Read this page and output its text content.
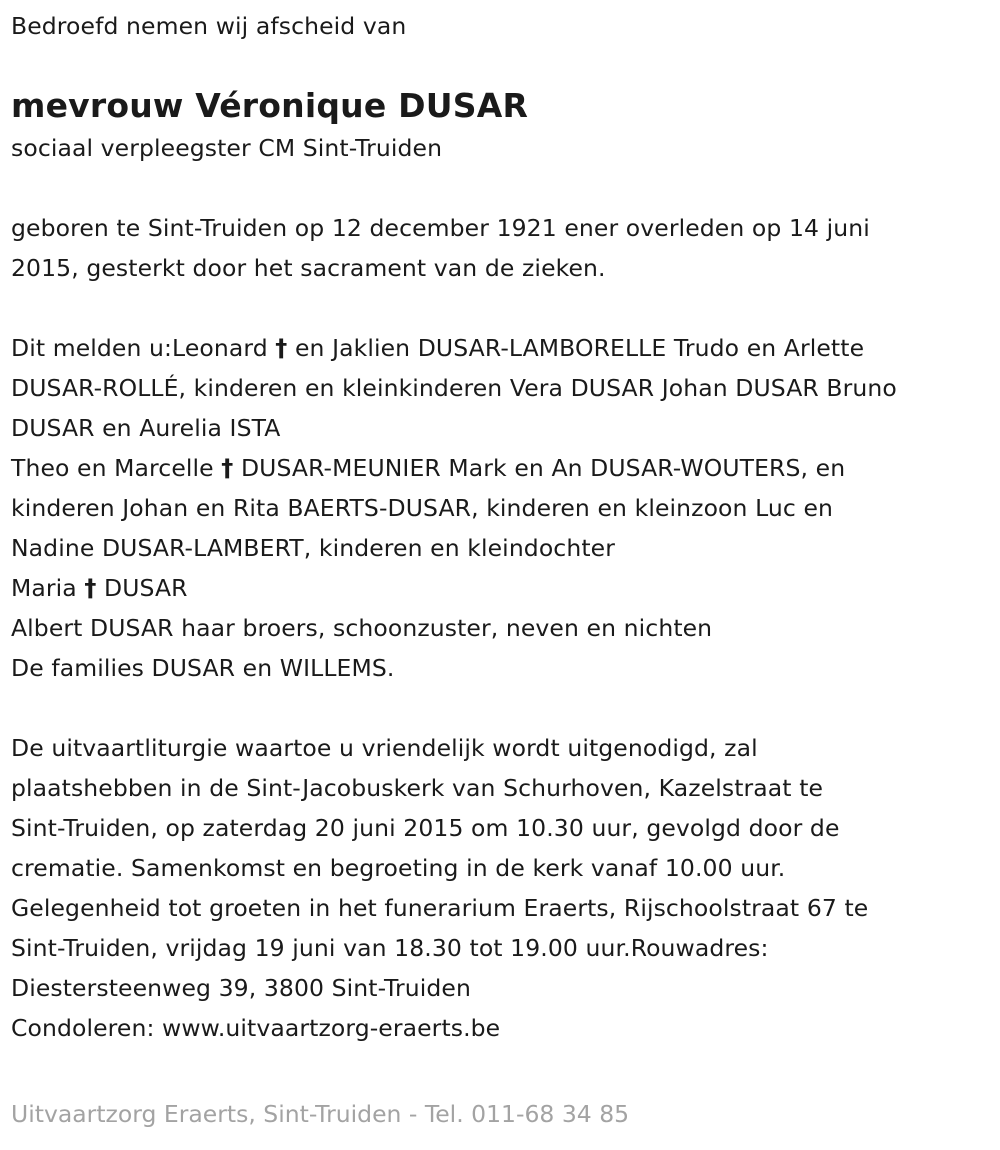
Bedroefd nemen wij afscheid van
mevrouw Véronique DUSAR
sociaal verpleegster CM Sint-Truiden
geboren te Sint-Truiden op 12 december 1921 ener overleden op 14 juni
2015, gesterkt door het sacrament van de zieken.
Dit melden u:Leonard † en Jaklien DUSAR-LAMBORELLE Trudo en Arlette
DUSAR-ROLLÉ, kinderen en kleinkinderen Vera DUSAR Johan DUSAR Bruno
DUSAR en Aurelia ISTA
Theo en Marcelle † DUSAR-MEUNIER Mark en An DUSAR-WOUTERS, en
kinderen Johan en Rita BAERTS-DUSAR, kinderen en kleinzoon Luc en
Nadine DUSAR-LAMBERT, kinderen en kleindochter
Maria † DUSAR
Albert DUSAR haar broers, schoonzuster, neven en nichten
De families DUSAR en WILLEMS.
De uitvaartliturgie waartoe u vriendelijk wordt uitgenodigd, zal
plaatshebben in de Sint-Jacobuskerk van Schurhoven, Kazelstraat te
Sint-Truiden, op zaterdag 20 juni 2015 om 10.30 uur, gevolgd door de
crematie. Samenkomst en begroeting in de kerk vanaf 10.00 uur.
Gelegenheid tot groeten in het funerarium Eraerts, Rijschoolstraat 67 te
Sint-Truiden, vrijdag 19 juni van 18.30 tot 19.00 uur.Rouwadres:
Diestersteenweg 39, 3800 Sint-Truiden
Condoleren: www.uitvaartzorg-eraerts.be
Uitvaartzorg Eraerts, Sint-Truiden - Tel. 011-68 34 85
